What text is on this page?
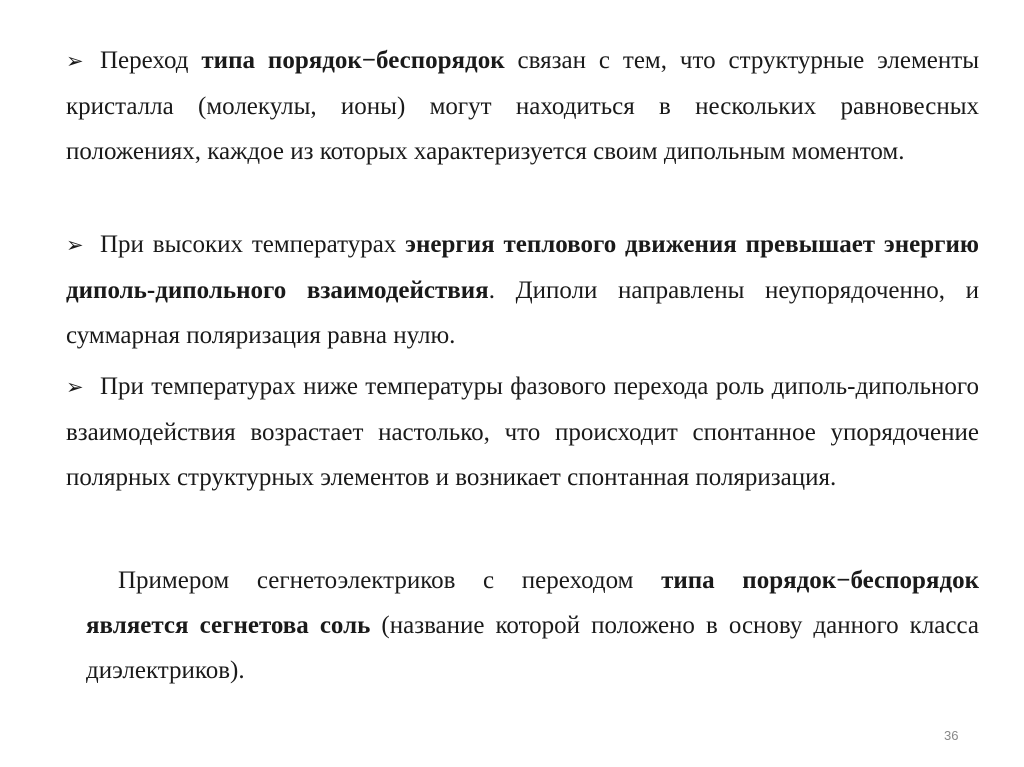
➢ Переход типа порядок−беспорядок связан с тем, что структурные элементы кристалла (молекулы, ионы) могут находиться в нескольких равновесных положениях, каждое из которых характеризуется своим дипольным моментом.

➢ При высоких температурах энергия теплового движения превышает энергию диполь-дипольного взаимодействия. Диполи направлены неупорядоченно, и суммарная поляризация равна нулю.

➢ При температурах ниже температуры фазового перехода роль диполь-дипольного взаимодействия возрастает настолько, что происходит спонтанное упорядочение полярных структурных элементов и возникает спонтанная поляризация.

Примером сегнетоэлектриков с переходом типа порядок−беспорядок является сегнетова соль (название которой положено в основу данного класса диэлектриков).

36
